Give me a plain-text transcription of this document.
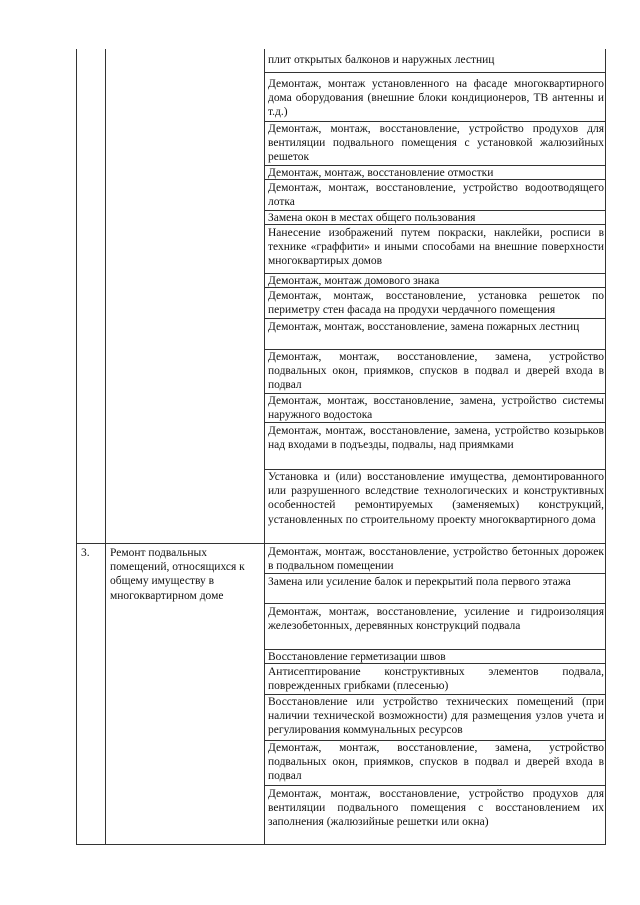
плит открытых балконов и наружных лестниц
Демонтаж, монтаж установленного на фасаде многоквартирного дома оборудования (внешние блоки кондиционеров, ТВ антенны и т.д.)
Демонтаж, монтаж, восстановление, устройство продухов для вентиляции подвального помещения с установкой жалюзийных решеток
Демонтаж, монтаж, восстановление отмостки
Демонтаж, монтаж, восстановление, устройство водоотводящего лотка
Замена окон в местах общего пользования
Нанесение изображений путем покраски, наклейки, росписи в технике «граффити» и иными способами на внешние поверхности многоквартирых домов
Демонтаж, монтаж домового знака
Демонтаж, монтаж, восстановление, установка решеток по периметру стен фасада на продухи чердачного помещения
Демонтаж, монтаж, восстановление, замена пожарных лестниц
Демонтаж, монтаж, восстановление, замена, устройство подвальных окон, приямков, спусков в подвал и дверей входа в подвал
Демонтаж, монтаж, восстановление, замена, устройство системы наружного водостока
Демонтаж, монтаж, восстановление, замена, устройство козырьков над входами в подъезды, подвалы, над приямками
Установка и (или) восстановление имущества, демонтированного или разрушенного вследствие технологических и конструктивных особенностей ремонтируемых (заменяемых) конструкций, установленных по строительному проекту многоквартирного дома
3. Ремонт подвальных помещений, относящихся к общему имуществу в многоквартирном доме
Демонтаж, монтаж, восстановление, устройство бетонных дорожек в подвальном помещении
Замена или усиление балок и перекрытий пола первого этажа
Демонтаж, монтаж, восстановление, усиление и гидроизоляция железобетонных, деревянных конструкций подвала
Восстановление герметизации швов
Антисептирование конструктивных элементов подвала, поврежденных грибками (плесенью)
Восстановление или устройство технических помещений (при наличии технической возможности) для размещения узлов учета и регулирования коммунальных ресурсов
Демонтаж, монтаж, восстановление, замена, устройство подвальных окон, приямков, спусков в подвал и дверей входа в подвал
Демонтаж, монтаж, восстановление, устройство продухов для вентиляции подвального помещения с восстановлением их заполнения (жалюзийные решетки или окна)
